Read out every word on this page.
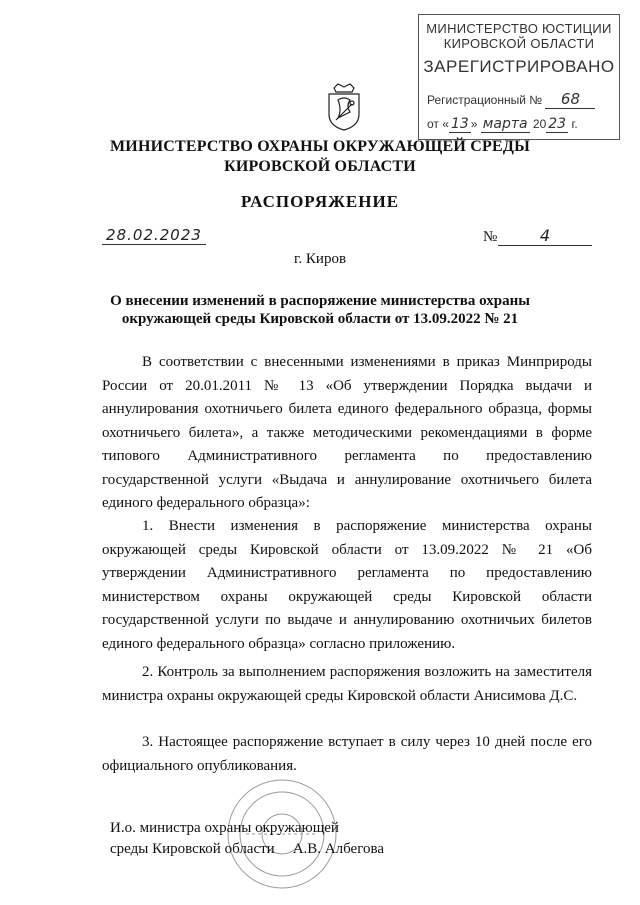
МИНИСТЕРСТВО ЮСТИЦИИ
КИРОВСКОЙ ОБЛАСТИ
ЗАРЕГИСТРИРОВАНО
Регистрационный № 68
от « 13 » марта 20 23 г.
МИНИСТЕРСТВО ОХРАНЫ ОКРУЖАЮЩЕЙ СРЕДЫ
КИРОВСКОЙ ОБЛАСТИ
РАСПОРЯЖЕНИЕ
28.02.2023	№	4
г. Киров
О внесении изменений в распоряжение министерства охраны
окружающей среды Кировской области от 13.09.2022 № 21
В соответствии с внесенными изменениями в приказ Минприроды России от 20.01.2011 № 13 «Об утверждении Порядка выдачи и аннулирования охотничьего билета единого федерального образца, формы охотничьего билета», а также методическими рекомендациями в форме типового Административного регламента по предоставлению государственной услуги «Выдача и аннулирование охотничьего билета единого федерального образца»:
1. Внести изменения в распоряжение министерства охраны окружающей среды Кировской области от 13.09.2022 № 21 «Об утверждении Административного регламента по предоставлению министерством охраны окружающей среды Кировской области государственной услуги по выдаче и аннулированию охотничьих билетов единого федерального образца» согласно приложению.
2. Контроль за выполнением распоряжения возложить на заместителя министра охраны окружающей среды Кировской области Анисимова Д.С.
3. Настоящее распоряжение вступает в силу через 10 дней после его официального опубликования.
И.о. министра охраны окружающей
среды Кировской области А.В. Албегова
